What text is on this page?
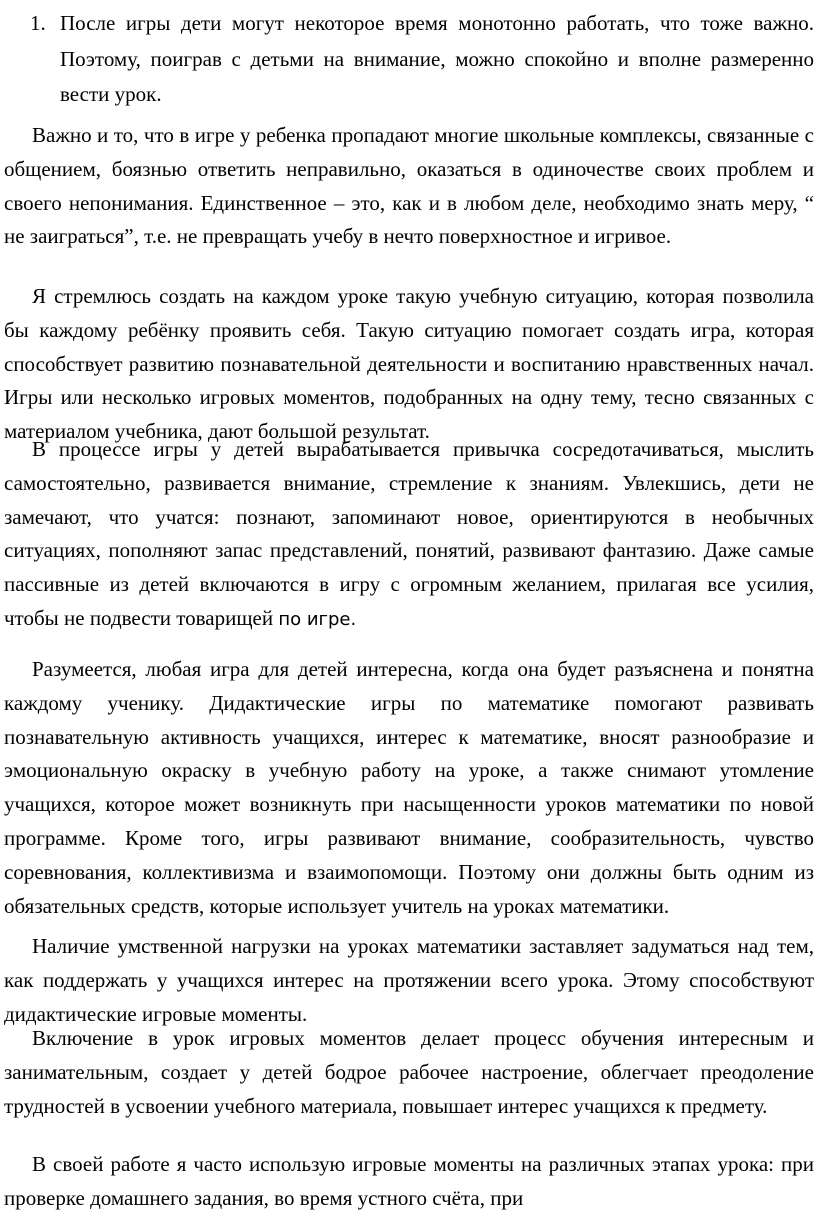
1. После игры дети могут некоторое время монотонно работать, что тоже важно. Поэтому, поиграв с детьми на внимание, можно спокойно и вполне размеренно вести урок.

Важно и то, что в игре у ребенка пропадают многие школьные комплексы, связанные с общением, боязнью ответить неправильно, оказаться в одиночестве своих проблем и своего непонимания. Единственное – это, как и в любом деле, необходимо знать меру, “ не заиграться”, т.е. не превращать учебу в нечто поверхностное и игривое.

Я стремлюсь создать на каждом уроке такую учебную ситуацию, которая позволила бы каждому ребёнку проявить себя. Такую ситуацию помогает создать игра, которая способствует развитию познавательной деятельности и воспитанию нравственных начал. Игры или несколько игровых моментов, подобранных на одну тему, тесно связанных с материалом учебника, дают большой результат.

В процессе игры у детей вырабатывается привычка сосредотачиваться, мыслить самостоятельно, развивается внимание, стремление к знаниям. Увлекшись, дети не замечают, что учатся: познают, запоминают новое, ориентируются в необычных ситуациях, пополняют запас представлений, понятий, развивают фантазию. Даже самые пассивные из детей включаются в игру с огромным желанием, прилагая все усилия, чтобы не подвести товарищей по игре.

Разумеется, любая игра для детей интересна, когда она будет разъяснена и понятна каждому ученику. Дидактические игры по математике помогают развивать познавательную активность учащихся, интерес к математике, вносят разнообразие и эмоциональную окраску в учебную работу на уроке, а также снимают утомление учащихся, которое может возникнуть при насыщенности уроков математики по новой программе. Кроме того, игры развивают внимание, сообразительность, чувство соревнования, коллективизма и взаимопомощи. Поэтому они должны быть одним из обязательных средств, которые использует учитель на уроках математики.

Наличие умственной нагрузки на уроках математики заставляет задуматься над тем, как поддержать у учащихся интерес на протяжении всего урока. Этому способствуют дидактические игровые моменты.

Включение в урок игровых моментов делает процесс обучения интересным и занимательным, создает у детей бодрое рабочее настроение, облегчает преодоление трудностей в усвоении учебного материала, повышает интерес учащихся к предмету.

В своей работе я часто использую игровые моменты на различных этапах урока: при проверке домашнего задания, во время устного счёта, при
